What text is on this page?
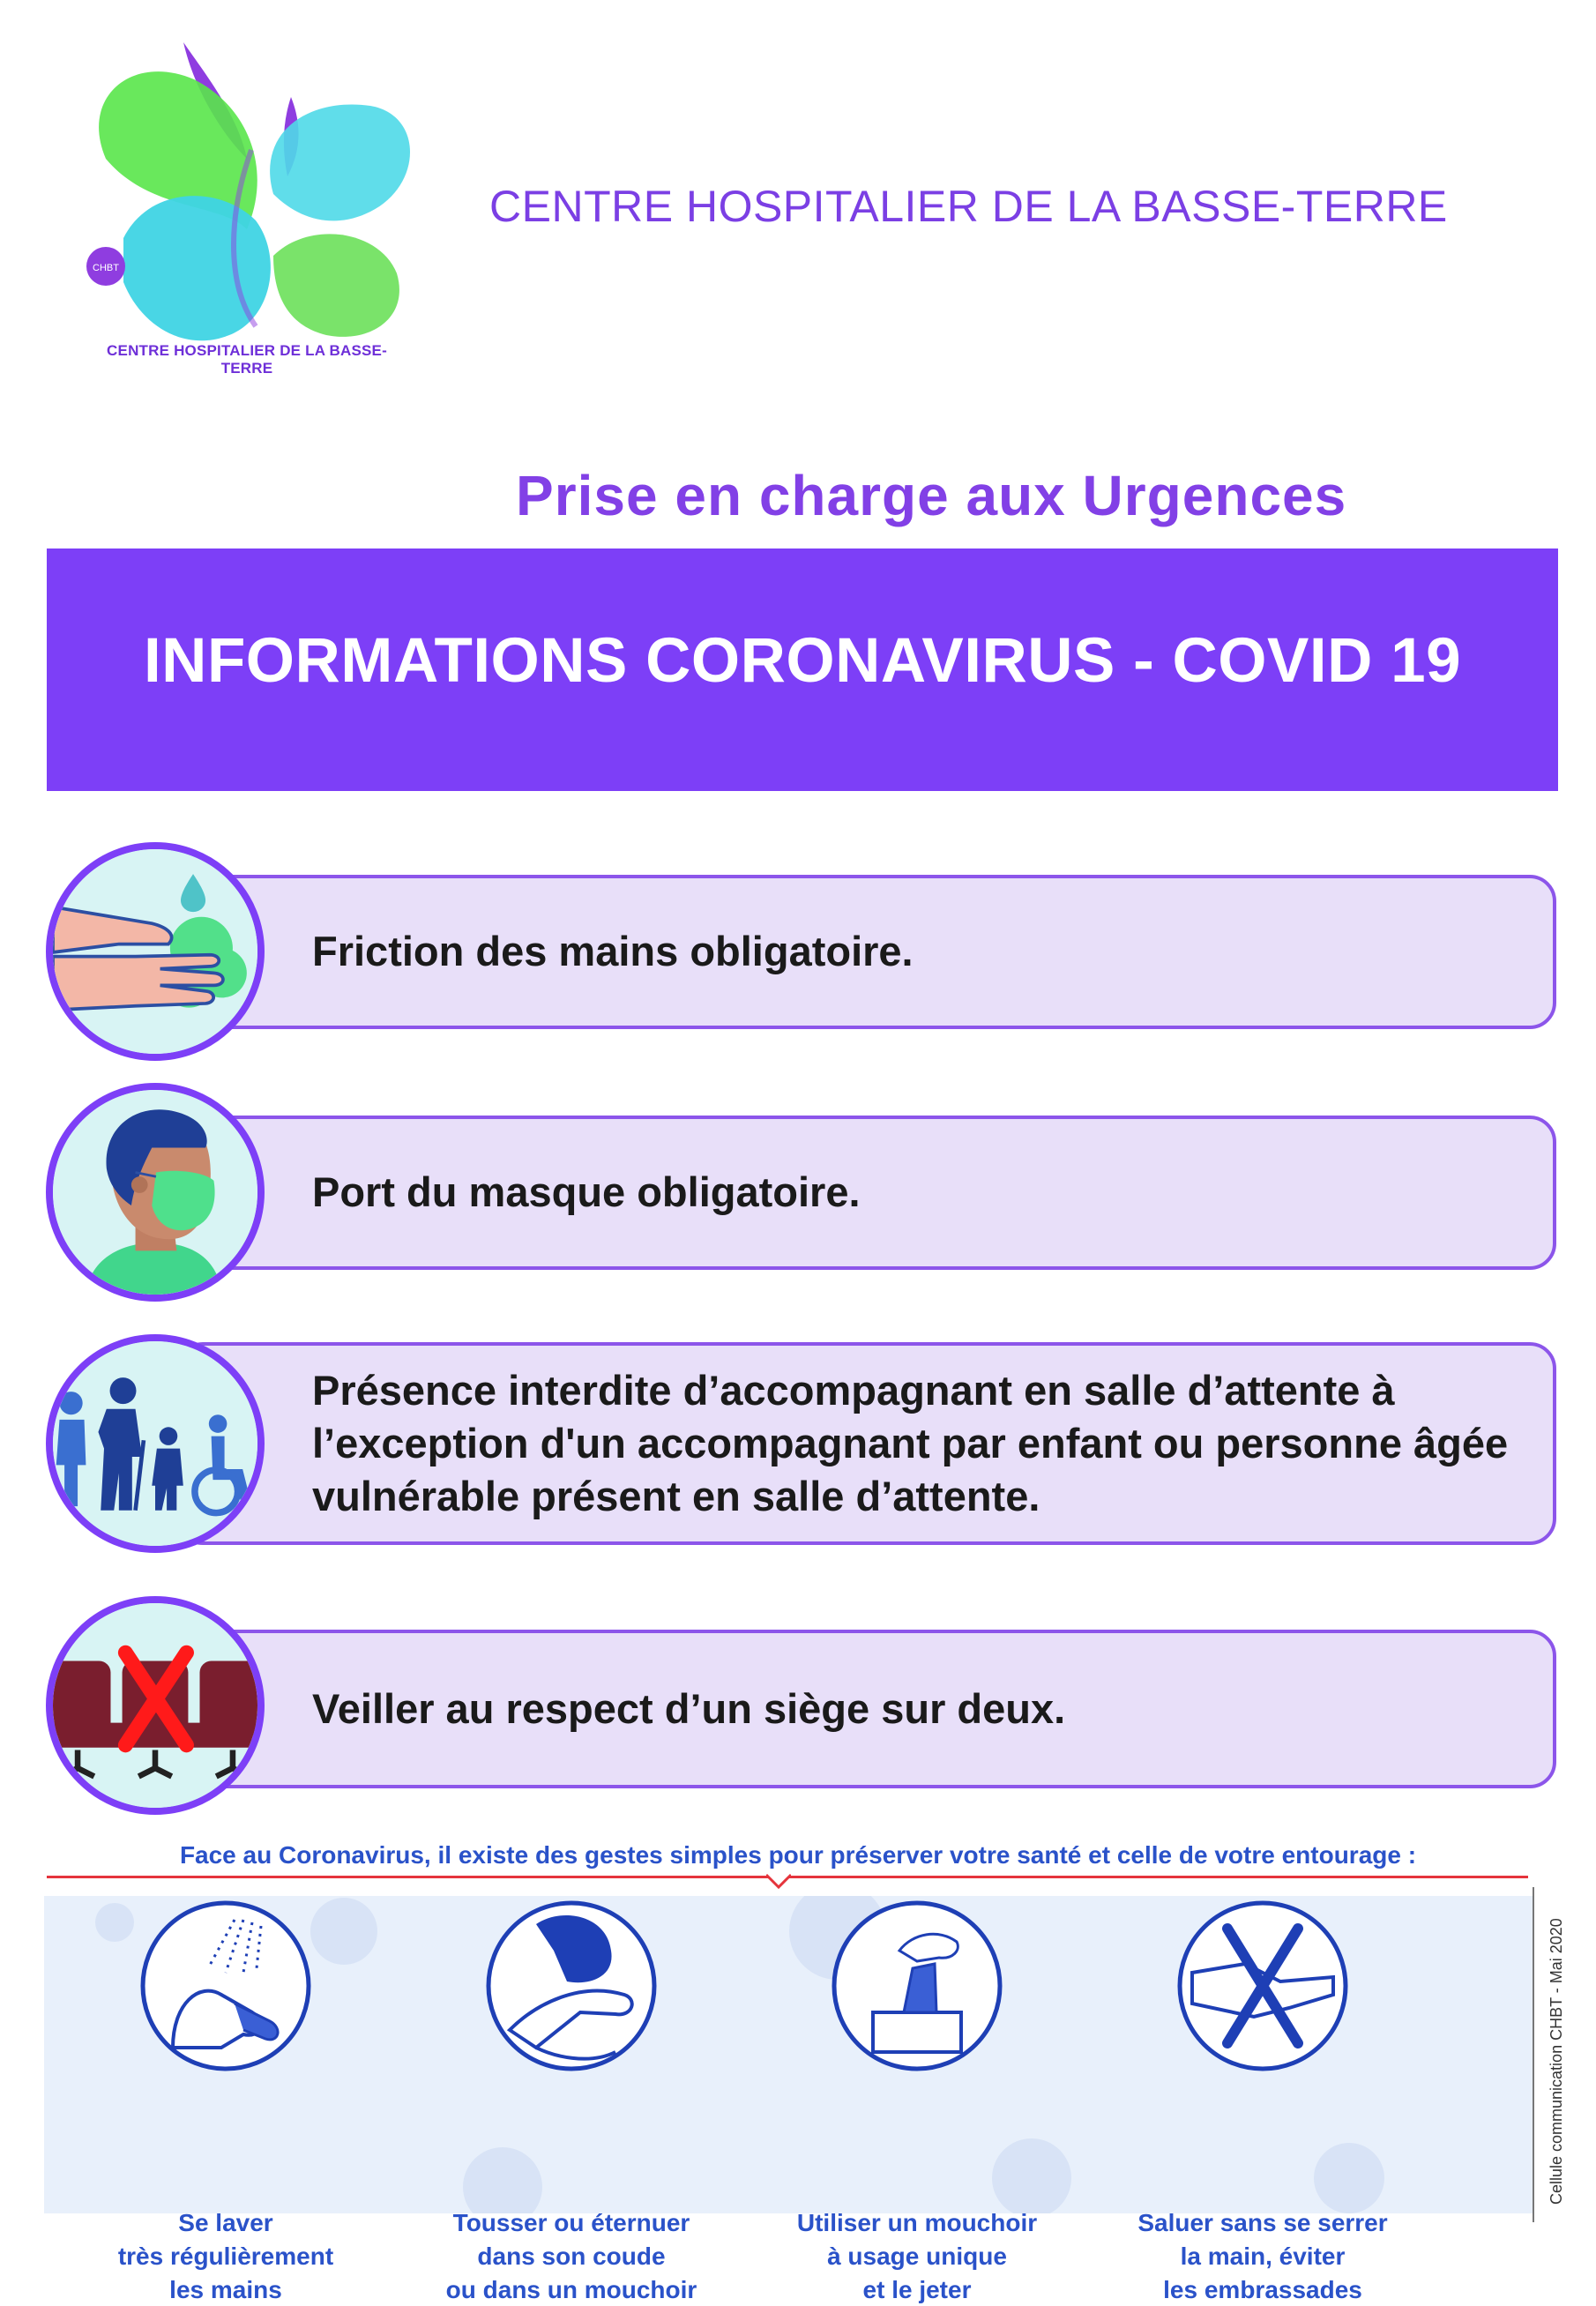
CHBT
CENTRE HOSPITALIER DE LA BASSE-TERRE
CENTRE HOSPITALIER DE LA BASSE-TERRE
Prise en charge aux Urgences
INFORMATIONS CORONAVIRUS - COVID 19
Friction des mains obligatoire.
Port du masque obligatoire.
Présence interdite d’accompagnant en salle d’attente à l’exception d'un accompagnant par enfant ou personne âgée vulnérable présent en salle d’attente.
Veiller au respect d’un siège sur deux.
Face au Coronavirus, il existe des gestes simples pour préserver votre santé et celle de votre entourage :
Se laver
très régulièrement
les mains
Tousser ou éternuer
dans son coude
ou dans un mouchoir
Utiliser un mouchoir
à usage unique
et le jeter
Saluer sans se serrer
la main, éviter
les embrassades
Cellule communication CHBT - Mai 2020
